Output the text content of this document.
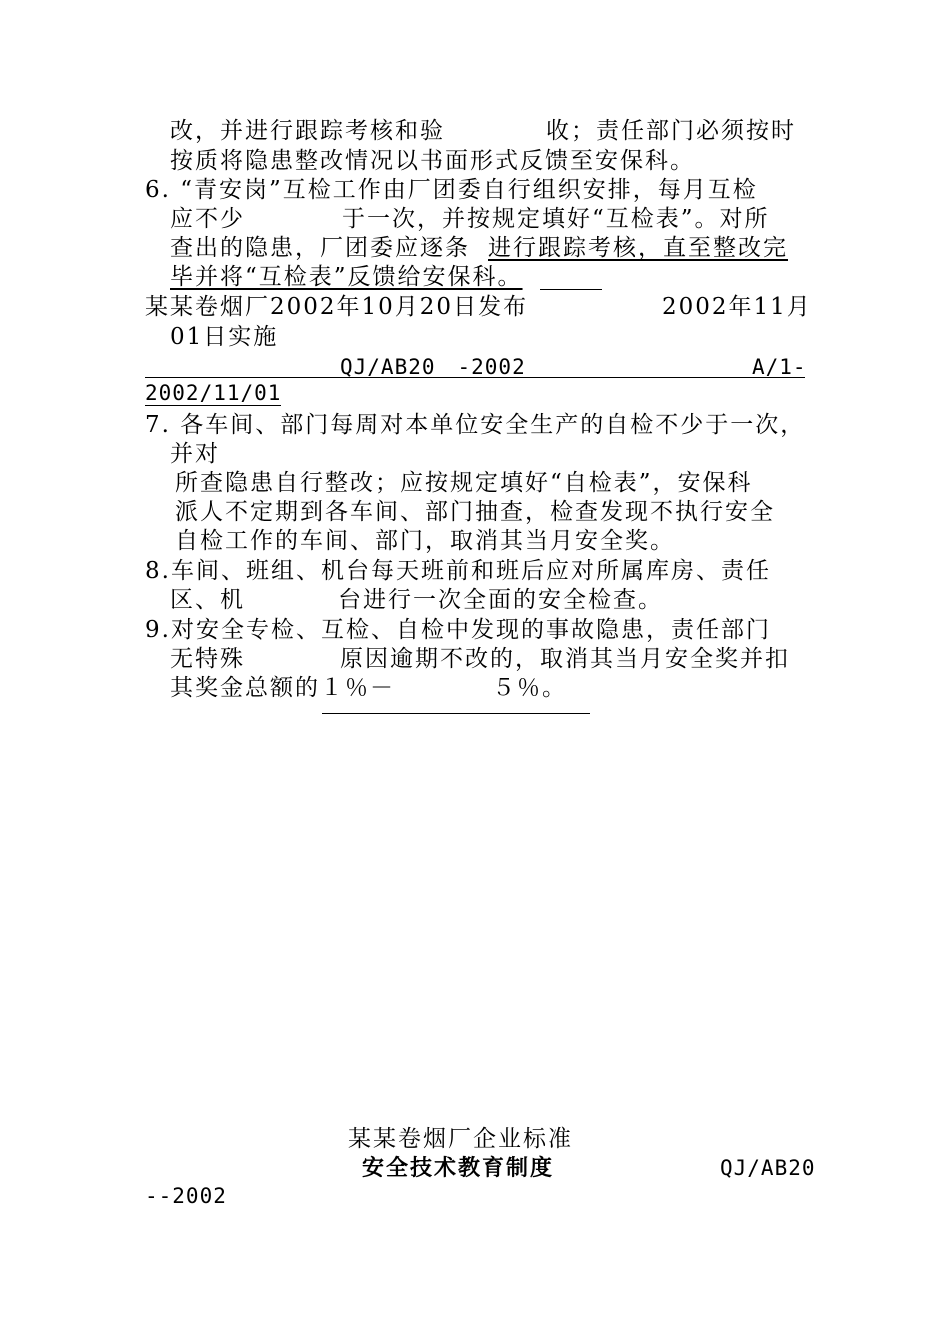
改，并进行跟踪考核和验	收；责任部门必须按时
按质将隐患整改情况以书面形式反馈至安保科。
6. “青安岗”互检工作由厂团委自行组织安排，每月互检
应不少	于一次，并按规定填好“互检表”。对所
查出的隐患，厂团委应逐条 进行跟踪考核，直至整改完
毕并将“互检表”反馈给安保科。
某某卷烟厂2002年10月20日发布	2002年11月
01日实施
QJ/AB20　-2002	A/1-
2002/11/01
7. 各车间、部门每周对本单位安全生产的自检不少于一次，
并对
所查隐患自行整改；应按规定填好“自检表”，安保科
派人不定期到各车间、部门抽查，检查发现不执行安全
自检工作的车间、部门，取消其当月安全奖。
8.车间、班组、机台每天班前和班后应对所属库房、责任
区、机	台进行一次全面的安全检查。
9.对安全专检、互检、自检中发现的事故隐患，责任部门
无特殊	原因逾期不改的，取消其当月安全奖并扣
其奖金总额的１％－	５％。
某某卷烟厂企业标准
安全技术教育制度	QJ/AB20
--2002
